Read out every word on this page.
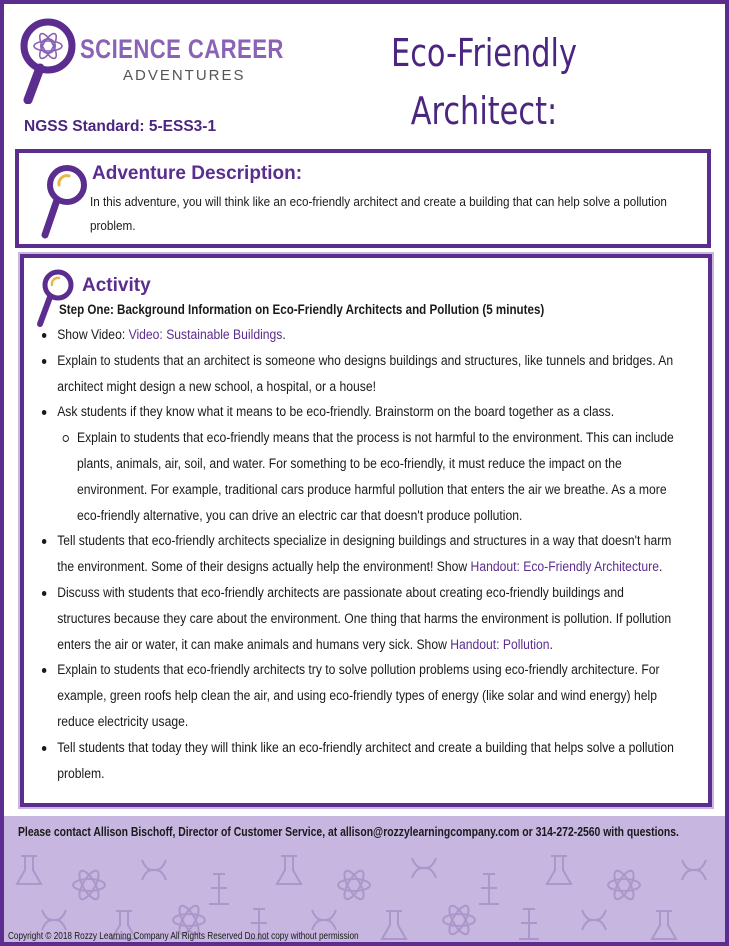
SCIENCE CAREER
ADVENTURES
NGSS Standard: 5-ESS3-1
Eco-Friendly Architect:
Adventure Description:
In this adventure, you will think like an eco-friendly architect and create a building that can help solve a pollution problem.
Activity
Step One: Background Information on Eco-Friendly Architects and Pollution (5 minutes)
Show Video: Video: Sustainable Buildings.
Explain to students that an architect is someone who designs buildings and structures, like tunnels and bridges. An architect might design a new school, a hospital, or a house!
Ask students if they know what it means to be eco-friendly. Brainstorm on the board together as a class.
Explain to students that eco-friendly means that the process is not harmful to the environment. This can include plants, animals, air, soil, and water. For something to be eco-friendly, it must reduce the impact on the environment. For example, traditional cars produce harmful pollution that enters the air we breathe. As a more eco-friendly alternative, you can drive an electric car that doesn't produce pollution.
Tell students that eco-friendly architects specialize in designing buildings and structures in a way that doesn't harm the environment. Some of their designs actually help the environment! Show Handout: Eco-Friendly Architecture.
Discuss with students that eco-friendly architects are passionate about creating eco-friendly buildings and structures because they care about the environment. One thing that harms the environment is pollution. If pollution enters the air or water, it can make animals and humans very sick. Show Handout: Pollution.
Explain to students that eco-friendly architects try to solve pollution problems using eco-friendly architecture. For example, green roofs help clean the air, and using eco-friendly types of energy (like solar and wind energy) help reduce electricity usage.
Tell students that today they will think like an eco-friendly architect and create a building that helps solve a pollution problem.
Please contact Allison Bischoff, Director of Customer Service, at allison@rozzylearningcompany.com or 314-272-2560 with questions.
Copyright © 2018 Rozzy Learning Company All Rights Reserved Do not copy without permission
